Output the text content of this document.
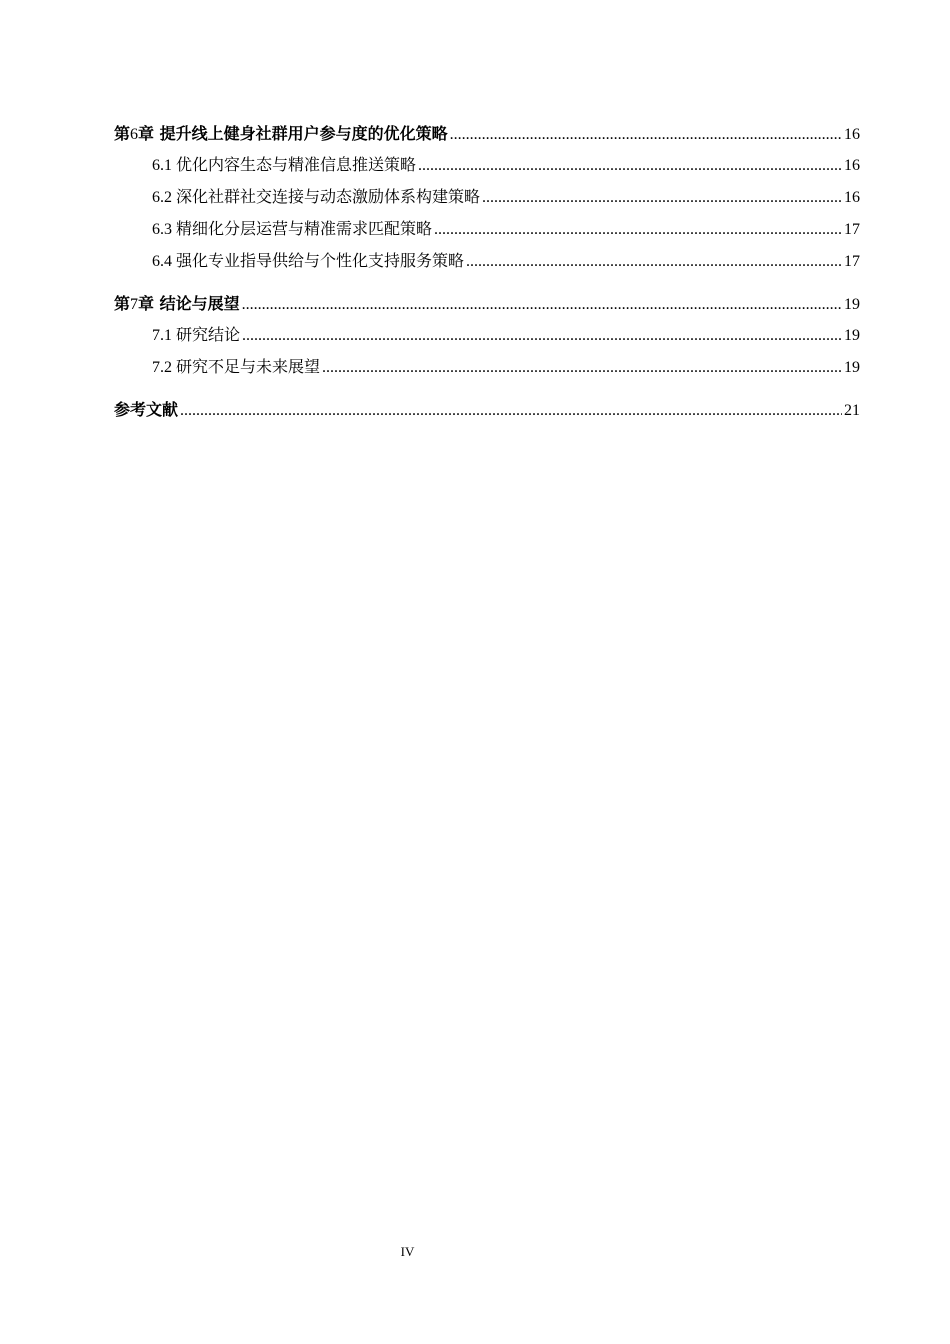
第6章 提升线上健身社群用户参与度的优化策略 .....	16
6.1 优化内容生态与精准信息推送策略 .....	16
6.2 深化社群社交连接与动态激励体系构建策略 .....	16
6.3 精细化分层运营与精准需求匹配策略 .....	17
6.4 强化专业指导供给与个性化支持服务策略 .....	17
第7章 结论与展望 .....	19
7.1 研究结论 .....	19
7.2 研究不足与未来展望 .....	19
参考文献 .....	21
IV
